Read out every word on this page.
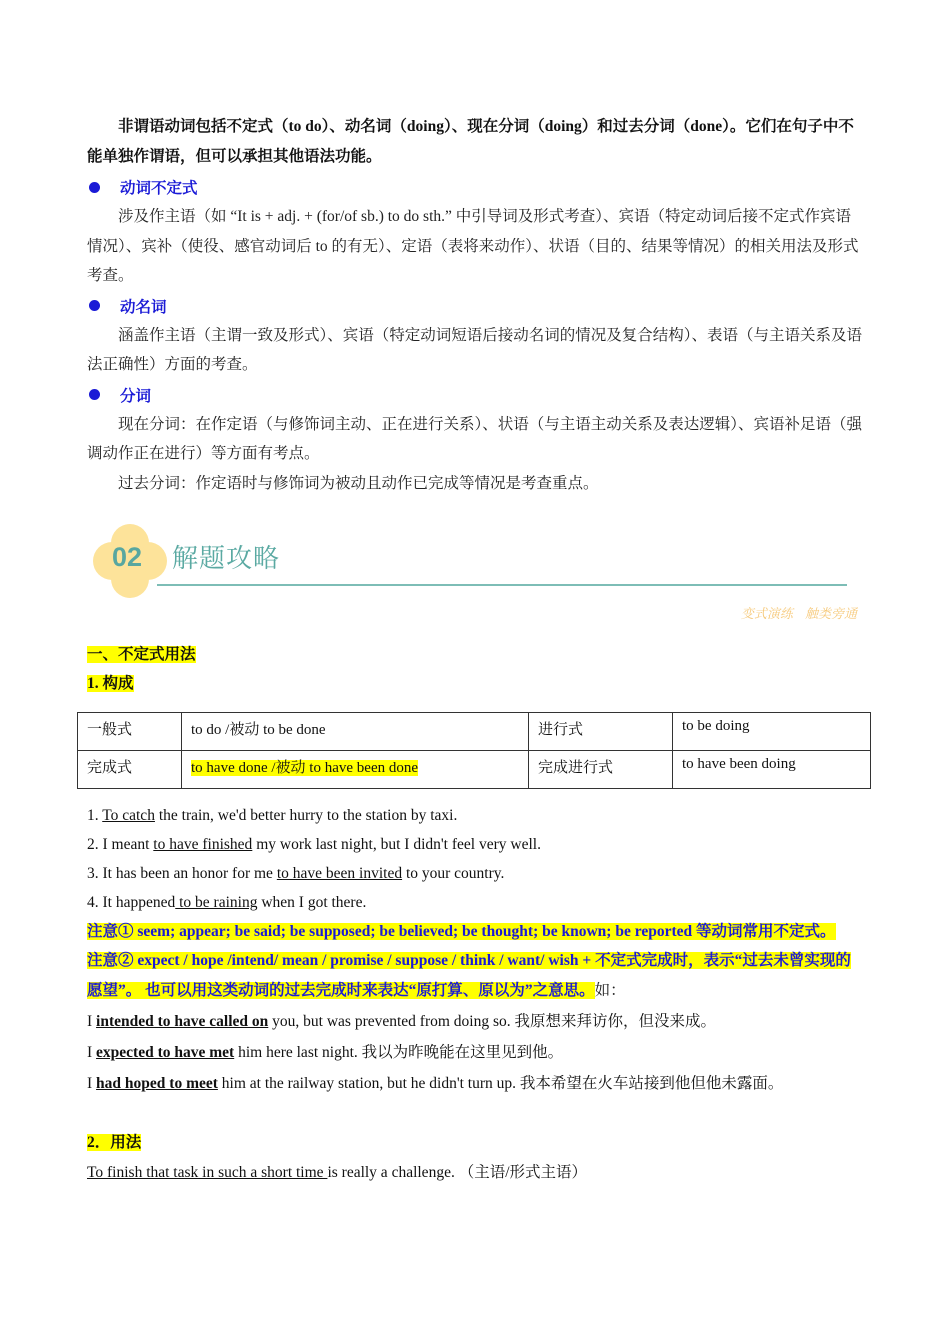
非谓语动词包括不定式（to do）、动名词（doing）、现在分词（doing）和过去分词（done）。它们在句子中不能单独作谓语，但可以承担其他语法功能。

动词不定式

涉及作主语（如 “It is + adj. + (for/of sb.) to do sth.” 中引导词及形式考查）、宾语（特定动词后接不定式作宾语情况）、宾补（使役、感官动词后 to 的有无）、定语（表将来动作）、状语（目的、结果等情况）的相关用法及形式考查。

动名词

涵盖作主语（主谓一致及形式）、宾语（特定动词短语后接动名词的情况及复合结构）、表语（与主语关系及语法正确性）方面的考查。

分词

现在分词：在作定语（与修饰词主动、正在进行关系）、状语（与主语主动关系及表达逻辑）、宾语补足语（强调动作正在进行）等方面有考点。

过去分词：作定语时与修饰词为被动且动作已完成等情况是考查重点。

02 解题攻略
变式演练 触类旁通

一、不定式用法

1. 构成

一般式	to do /被动 to be done	进行式	to be doing
完成式	to have done /被动 to have been done	完成进行式	to have been doing

1. To catch the train, we'd better hurry to the station by taxi.

2. I meant to have finished my work last night, but I didn't feel very well.

3. It has been an honor for me to have been invited to your country.

4. It happened to be raining when I got there.

注意① seem; appear; be said; be supposed; be believed; be thought; be known; be reported 等动词常用不定式。

注意② expect / hope /intend/ mean / promise / suppose / think / want/ wish + 不定式完成时，表示“过去未曾实现的愿望”。 也可以用这类动词的过去完成时来表达“原打算、原以为”之意思。如：

I intended to have called on you, but was prevented from doing so. 我原想来拜访你，但没来成。

I expected to have met him here last night. 我以为昨晚能在这里见到他。

I had hoped to meet him at the railway station, but he didn't turn up. 我本希望在火车站接到他但他未露面。

2．用法

To finish that task in such a short time is really a challenge. （主语/形式主语）
